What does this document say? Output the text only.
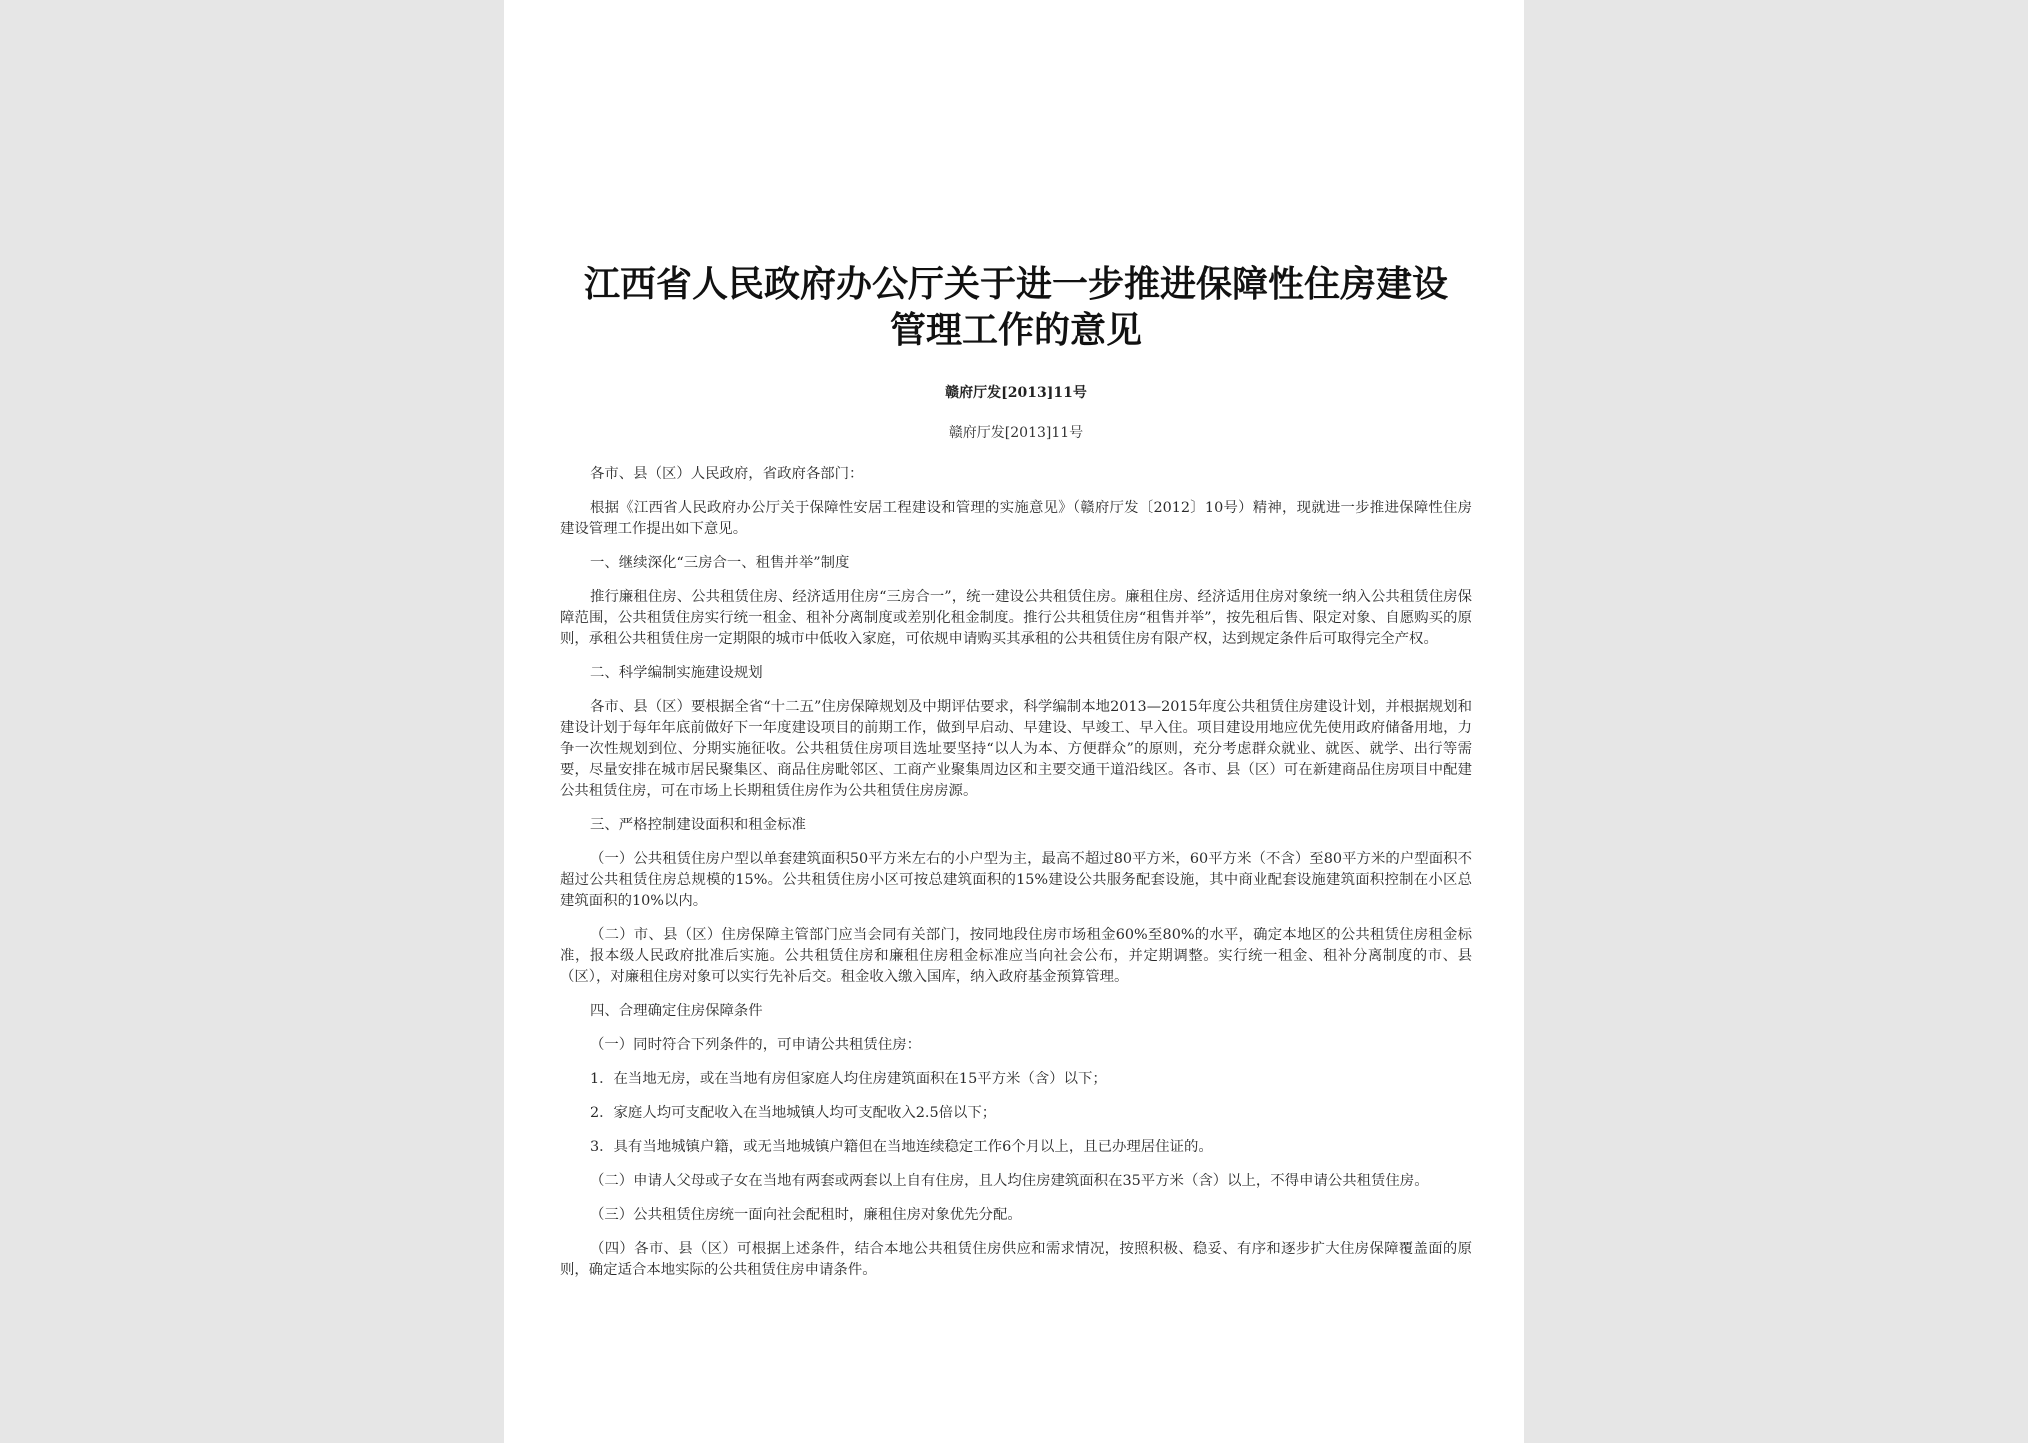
江西省人民政府办公厅关于进一步推进保障性住房建设
管理工作的意见
赣府厅发[2013]11号
赣府厅发[2013]11号

各市、县（区）人民政府，省政府各部门：

根据《江西省人民政府办公厅关于保障性安居工程建设和管理的实施意见》（赣府厅发〔2012〕10号）精神，现就进一步推进保障性住房建设管理工作提出如下意见。

一、继续深化“三房合一、租售并举”制度

推行廉租住房、公共租赁住房、经济适用住房“三房合一”，统一建设公共租赁住房。廉租住房、经济适用住房对象统一纳入公共租赁住房保障范围，公共租赁住房实行统一租金、租补分离制度或差别化租金制度。推行公共租赁住房“租售并举”，按先租后售、限定对象、自愿购买的原则，承租公共租赁住房一定期限的城市中低收入家庭，可依规申请购买其承租的公共租赁住房有限产权，达到规定条件后可取得完全产权。

二、科学编制实施建设规划

各市、县（区）要根据全省“十二五”住房保障规划及中期评估要求，科学编制本地2013—2015年度公共租赁住房建设计划，并根据规划和建设计划于每年年底前做好下一年度建设项目的前期工作，做到早启动、早建设、早竣工、早入住。项目建设用地应优先使用政府储备用地，力争一次性规划到位、分期实施征收。公共租赁住房项目选址要坚持“以人为本、方便群众”的原则，充分考虑群众就业、就医、就学、出行等需要，尽量安排在城市居民聚集区、商品住房毗邻区、工商产业聚集周边区和主要交通干道沿线区。各市、县（区）可在新建商品住房项目中配建公共租赁住房，可在市场上长期租赁住房作为公共租赁住房房源。

三、严格控制建设面积和租金标准

（一）公共租赁住房户型以单套建筑面积50平方米左右的小户型为主，最高不超过80平方米，60平方米（不含）至80平方米的户型面积不超过公共租赁住房总规模的15%。公共租赁住房小区可按总建筑面积的15%建设公共服务配套设施，其中商业配套设施建筑面积控制在小区总建筑面积的10%以内。

（二）市、县（区）住房保障主管部门应当会同有关部门，按同地段住房市场租金60%至80%的水平，确定本地区的公共租赁住房租金标准，报本级人民政府批准后实施。公共租赁住房和廉租住房租金标准应当向社会公布，并定期调整。实行统一租金、租补分离制度的市、县（区），对廉租住房对象可以实行先补后交。租金收入缴入国库，纳入政府基金预算管理。

四、合理确定住房保障条件

（一）同时符合下列条件的，可申请公共租赁住房：

1．在当地无房，或在当地有房但家庭人均住房建筑面积在15平方米（含）以下；

2．家庭人均可支配收入在当地城镇人均可支配收入2.5倍以下；

3．具有当地城镇户籍，或无当地城镇户籍但在当地连续稳定工作6个月以上，且已办理居住证的。

（二）申请人父母或子女在当地有两套或两套以上自有住房，且人均住房建筑面积在35平方米（含）以上，不得申请公共租赁住房。

（三）公共租赁住房统一面向社会配租时，廉租住房对象优先分配。

（四）各市、县（区）可根据上述条件，结合本地公共租赁住房供应和需求情况，按照积极、稳妥、有序和逐步扩大住房保障覆盖面的原则，确定适合本地实际的公共租赁住房申请条件。
